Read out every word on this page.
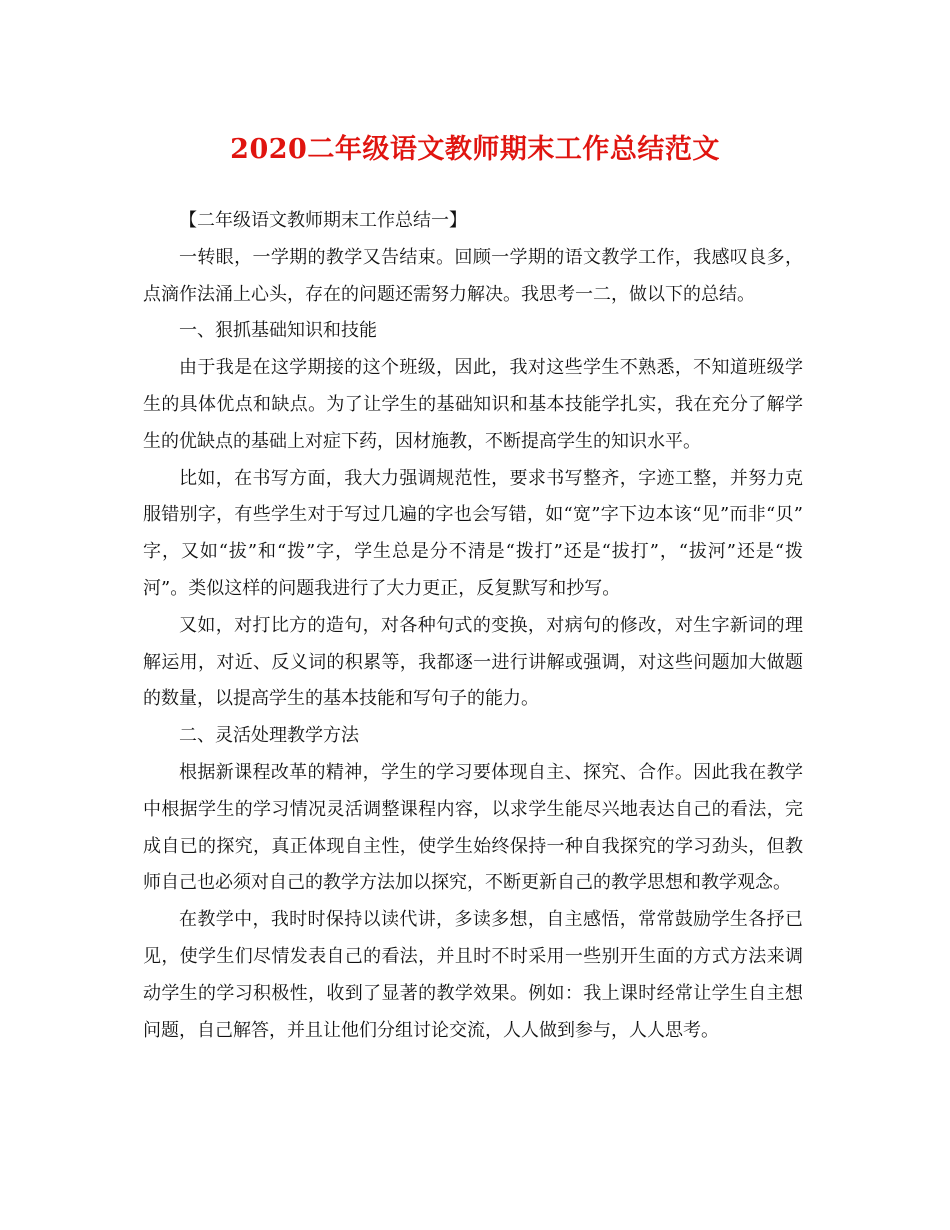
2020二年级语文教师期末工作总结范文

【二年级语文教师期末工作总结一】

一转眼，一学期的教学又告结束。回顾一学期的语文教学工作，我感叹良多，点滴作法涌上心头，存在的问题还需努力解决。我思考一二，做以下的总结。

一、狠抓基础知识和技能

由于我是在这学期接的这个班级，因此，我对这些学生不熟悉，不知道班级学生的具体优点和缺点。为了让学生的基础知识和基本技能学扎实，我在充分了解学生的优缺点的基础上对症下药，因材施教，不断提高学生的知识水平。

比如，在书写方面，我大力强调规范性，要求书写整齐，字迹工整，并努力克服错别字，有些学生对于写过几遍的字也会写错，如“宽”字下边本该“见”而非“贝” 字，又如“拔”和“拨”字，学生总是分不清是“拨打”还是“拔打”，“拔河”还是“拨河”。类似这样的问题我进行了大力更正，反复默写和抄写。

又如，对打比方的造句，对各种句式的变换，对病句的修改，对生字新词的理解运用，对近、反义词的积累等，我都逐一进行讲解或强调，对这些问题加大做题的数量，以提高学生的基本技能和写句子的能力。

二、灵活处理教学方法

根据新课程改革的精神，学生的学习要体现自主、探究、合作。因此我在教学中根据学生的学习情况灵活调整课程内容，以求学生能尽兴地表达自己的看法，完成自已的探究，真正体现自主性，使学生始终保持一种自我探究的学习劲头，但教师自己也必须对自己的教学方法加以探究，不断更新自己的教学思想和教学观念。

在教学中，我时时保持以读代讲，多读多想，自主感悟，常常鼓励学生各抒已见，使学生们尽情发表自己的看法，并且时不时采用一些别开生面的方式方法来调动学生的学习积极性，收到了显著的教学效果。例如：我上课时经常让学生自主想问题，自己解答，并且让他们分组讨论交流，人人做到参与，人人思考。
